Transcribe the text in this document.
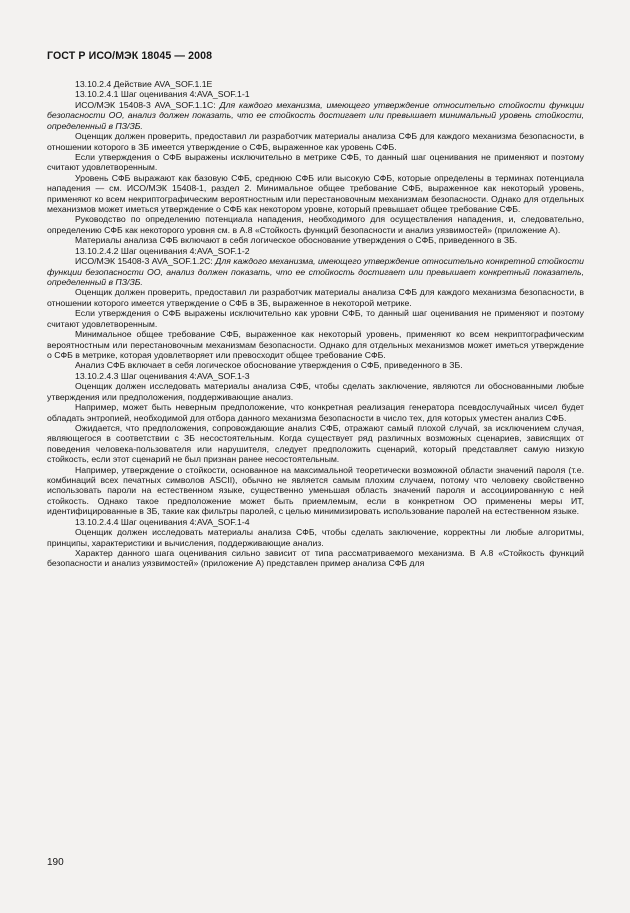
ГОСТ Р ИСО/МЭК 18045 — 2008

13.10.2.4 Действие AVA_SOF.1.1E

13.10.2.4.1 Шаг оценивания 4:AVA_SOF.1-1

ИСО/МЭК 15408-3 AVA_SOF.1.1C: Для каждого механизма, имеющего утверждение относительно стойкости функции безопасности ОО, анализ должен показать, что ее стойкость достигает или превышает минимальный уровень стойкости, определенный в ПЗ/ЗБ.

Оценщик должен проверить, предоставил ли разработчик материалы анализа СФБ для каждого механизма безопасности, в отношении которого в ЗБ имеется утверждение о СФБ, выраженное как уровень СФБ.

Если утверждения о СФБ выражены исключительно в метрике СФБ, то данный шаг оценивания не применяют и поэтому считают удовлетворенным.

Уровень СФБ выражают как базовую СФБ, среднюю СФБ или высокую СФБ, которые определены в терминах потенциала нападения — см. ИСО/МЭК 15408-1, раздел 2. Минимальное общее требование СФБ, выраженное как некоторый уровень, применяют ко всем некриптографическим вероятностным или перестановочным механизмам безопасности. Однако для отдельных механизмов может иметься утверждение о СФБ как некотором уровне, который превышает общее требование СФБ.

Руководство по определению потенциала нападения, необходимого для осуществления нападения, и, следовательно, определению СФБ как некоторого уровня см. в А.8 «Стойкость функций безопасности и анализ уязвимостей» (приложение А).

Материалы анализа СФБ включают в себя логическое обоснование утверждения о СФБ, приведенного в ЗБ.

13.10.2.4.2 Шаг оценивания 4:AVA_SOF.1-2

ИСО/МЭК 15408-3 AVA_SOF.1.2C: Для каждого механизма, имеющего утверждение относительно конкретной стойкости функции безопасности ОО, анализ должен показать, что ее стойкость достигает или превышает конкретный показатель, определенный в ПЗ/ЗБ.

Оценщик должен проверить, предоставил ли разработчик материалы анализа СФБ для каждого механизма безопасности, в отношении которого имеется утверждение о СФБ в ЗБ, выраженное в некоторой метрике.

Если утверждения о СФБ выражены исключительно как уровни СФБ, то данный шаг оценивания не применяют и поэтому считают удовлетворенным.

Минимальное общее требование СФБ, выраженное как некоторый уровень, применяют ко всем некриптографическим вероятностным или перестановочным механизмам безопасности. Однако для отдельных механизмов может иметься утверждение о СФБ в метрике, которая удовлетворяет или превосходит общее требование СФБ.

Анализ СФБ включает в себя логическое обоснование утверждения о СФБ, приведенного в ЗБ.

13.10.2.4.3 Шаг оценивания 4:AVA_SOF.1-3

Оценщик должен исследовать материалы анализа СФБ, чтобы сделать заключение, являются ли обоснованными любые утверждения или предположения, поддерживающие анализ.

Например, может быть неверным предположение, что конкретная реализация генератора псевдослучайных чисел будет обладать энтропией, необходимой для отбора данного механизма безопасности в число тех, для которых уместен анализ СФБ.

Ожидается, что предположения, сопровождающие анализ СФБ, отражают самый плохой случай, за исключением случая, являющегося в соответствии с ЗБ несостоятельным. Когда существует ряд различных возможных сценариев, зависящих от поведения человека-пользователя или нарушителя, следует предположить сценарий, который представляет самую низкую стойкость, если этот сценарий не был признан ранее несостоятельным.

Например, утверждение о стойкости, основанное на максимальной теоретически возможной области значений пароля (т.е. комбинаций всех печатных символов ASCII), обычно не является самым плохим случаем, потому что человеку свойственно использовать пароли на естественном языке, существенно уменьшая область значений пароля и ассоциированную с ней стойкость. Однако такое предположение может быть приемлемым, если в конкретном ОО применены меры ИТ, идентифицированные в ЗБ, такие как фильтры паролей, с целью минимизировать использование паролей на естественном языке.

13.10.2.4.4 Шаг оценивания 4:AVA_SOF.1-4

Оценщик должен исследовать материалы анализа СФБ, чтобы сделать заключение, корректны ли любые алгоритмы, принципы, характеристики и вычисления, поддерживающие анализ.

Характер данного шага оценивания сильно зависит от типа рассматриваемого механизма. В А.8 «Стойкость функций безопасности и анализ уязвимостей» (приложение А) представлен пример анализа СФБ для

190
